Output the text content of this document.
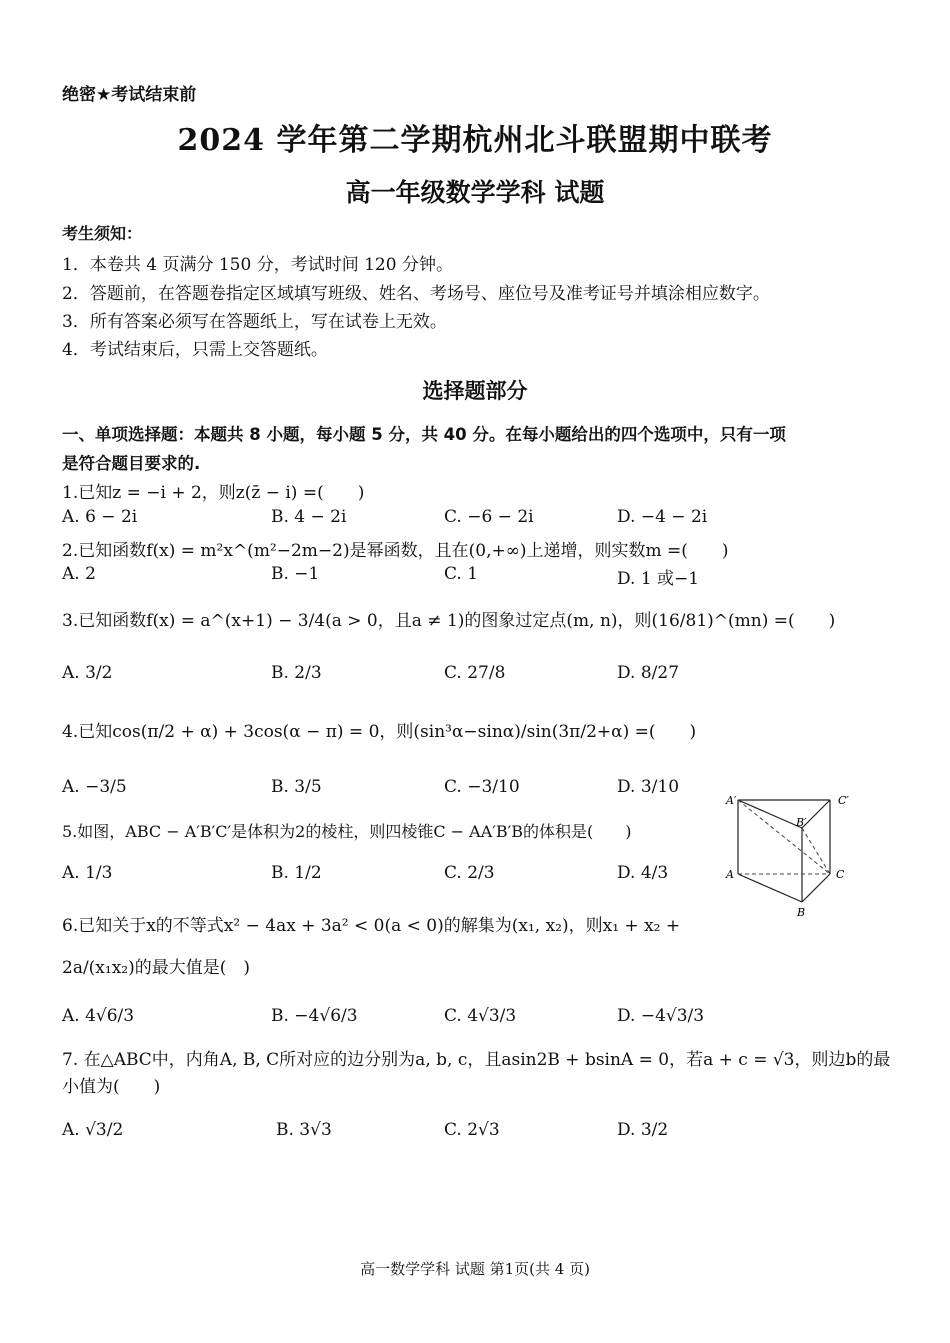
绝密★考试结束前
2024 学年第二学期杭州北斗联盟期中联考
高一年级数学学科 试题
考生须知：
1．本卷共 4 页满分 150 分，考试时间 120 分钟。
2．答题前，在答题卷指定区域填写班级、姓名、考场号、座位号及准考证号并填涂相应数字。
3．所有答案必须写在答题纸上，写在试卷上无效。
4．考试结束后，只需上交答题纸。
选择题部分
一、单项选择题：本题共 8 小题，每小题 5 分，共 40 分。在每小题给出的四个选项中，只有一项
是符合题目要求的.
1.已知z = −i + 2，则z(z̄ − i) =(　　)
A. 6 − 2i	B. 4 − 2i	C. −6 − 2i	D. −4 − 2i
2.已知函数f(x) = m²x^(m²−2m−2)是幂函数，且在(0,+∞)上递增，则实数m =(　　)
A. 2	B. −1	C. 1	D. 1 或−1
3.已知函数f(x) = a^(x+1) − 3/4(a > 0，且a ≠ 1)的图象过定点(m, n)，则(16/81)^(mn) =(　　)
A. 3/2	B. 2/3	C. 27/8	D. 8/27
4.已知cos(π/2 + α) + 3cos(α − π) = 0，则(sin³α−sinα)/sin(3π/2+α) =(　　)
A. −3/5	B. 3/5	C. −3/10	D. 3/10
5.如图，ABC − A′B′C′是体积为2的棱柱，则四棱锥C − AA′B′B的体积是(　　)
A. 1/3	B. 1/2	C. 2/3	D. 4/3
A′	C′
B′
A	C
B
6.已知关于x的不等式x² − 4ax + 3a² < 0(a < 0)的解集为(x₁, x₂)，则x₁ + x₂ + 2a/(x₁x₂)的最大值是(　)
A. 4√6/3	B. −4√6/3	C. 4√3/3	D. −4√3/3
7. 在△ABC中，内角A, B, C所对应的边分别为a, b, c，且asin2B + bsinA = 0，若a + c = √3，则边b的最小值为(　　)
A. √3/2	B. 3√3	C. 2√3	D. 3/2
高一数学学科 试题 第1页(共 4 页)
